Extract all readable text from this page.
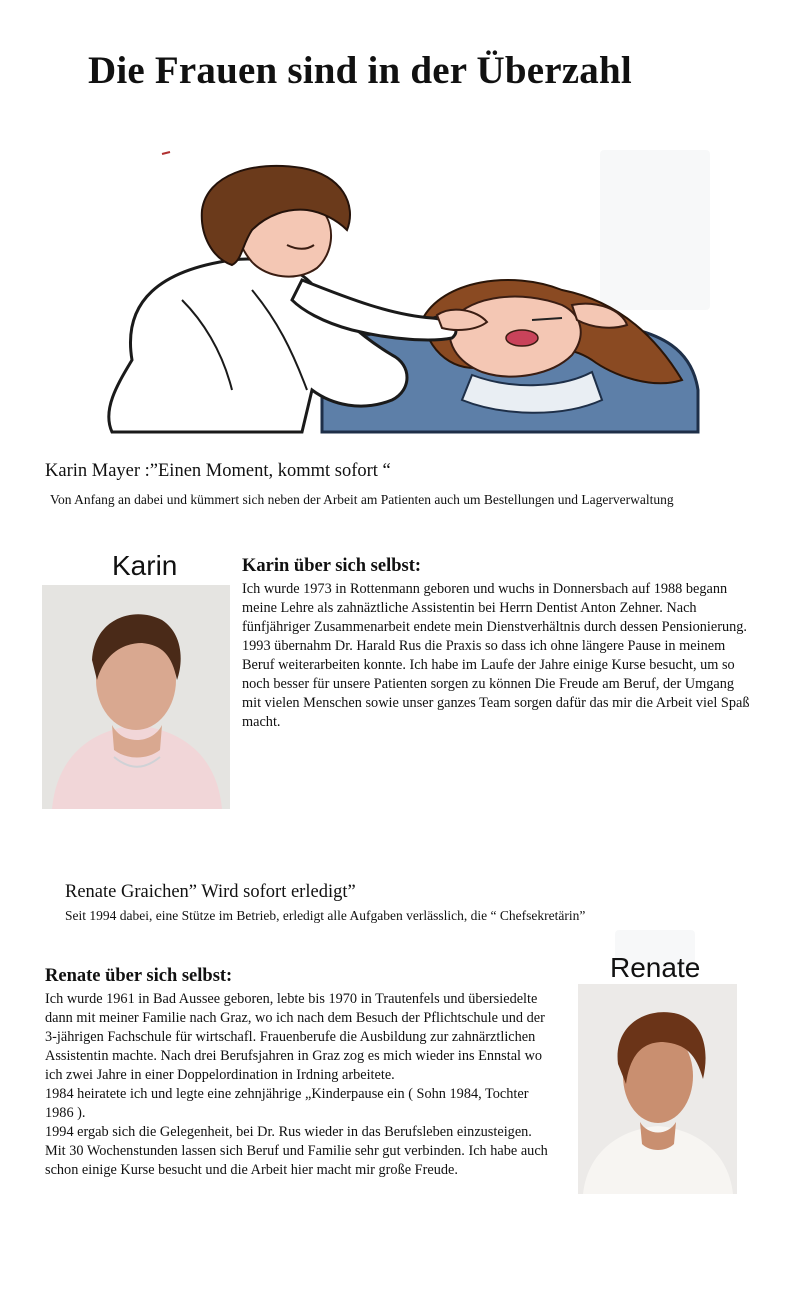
Die Frauen sind in der Überzahl
Karin Mayer :”Einen Moment, kommt sofort “
Von Anfang an dabei und kümmert sich neben der Arbeit am Patienten auch um Bestellungen und Lagerverwaltung
Karin	Karin über sich selbst:

Ich wurde 1973 in Rottenmann geboren und wuchs in Donnersbach auf 1988 begann meine Lehre als zahnäztliche Assistentin bei Herrn Dentist Anton Zehner. Nach fünfjähriger Zusammenarbeit endete mein Dienstverhältnis durch dessen Pensionierung.

1993 übernahm Dr. Harald Rus die Praxis so dass ich ohne längere Pause in meinem Beruf weiterarbeiten konnte. Ich habe im Laufe der Jahre einige Kurse besucht, um so noch besser für unsere Patienten sorgen zu können Die Freude am Beruf, der Umgang mit vielen Menschen sowie unser ganzes Team sorgen dafür das mir die Arbeit viel Spaß macht.

Renate Graichen” Wird sofort erledigt”
Seit 1994 dabei, eine Stütze im Betrieb, erledigt alle Aufgaben verlässlich, die “ Chefsekretärin”
Renate über sich selbst:

Ich wurde 1961 in Bad Aussee geboren, lebte bis 1970 in Trautenfels und übersiedelte dann mit meiner Familie nach Graz, wo ich nach dem Besuch der Pflichtschule und der 3-jährigen Fachschule für wirtschafl. Frauenberufe die Ausbildung zur zahnärztlichen Assistentin machte. Nach drei Berufsjahren in Graz zog es mich wieder ins Ennstal wo ich zwei Jahre in einer Doppelordination in Irdning arbeitete.

1984 heiratete ich und legte eine zehnjährige „Kinderpause ein ( Sohn 1984, Tochter 1986 ).

1994 ergab sich die Gelegenheit, bei Dr. Rus wieder in das Berufsleben einzusteigen. Mit 30 Wochenstunden lassen sich Beruf und Familie sehr gut verbinden. Ich habe auch schon einige Kurse besucht und die Arbeit hier macht mir große Freude.

Renate
